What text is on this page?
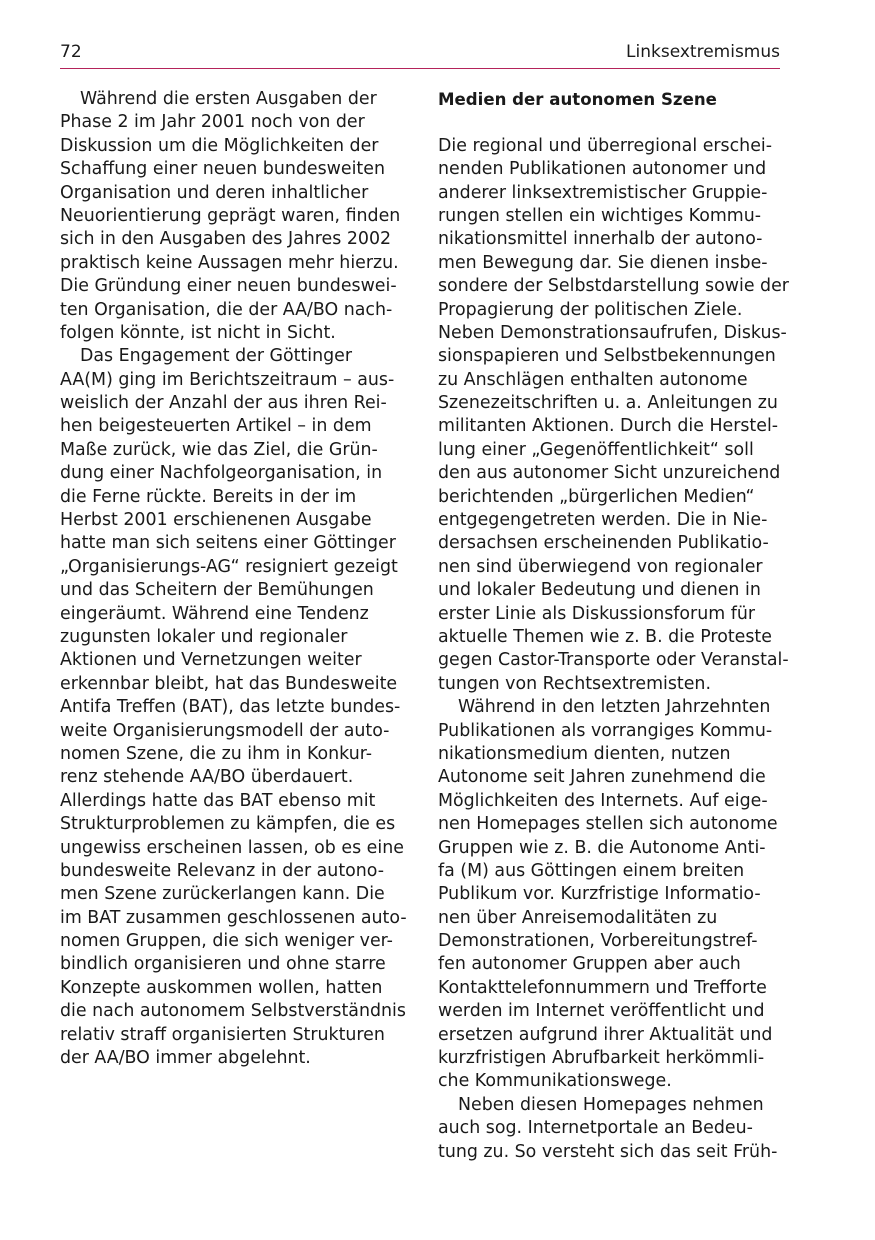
72	Linksextremismus
Während die ersten Ausgaben der
Phase 2 im Jahr 2001 noch von der
Diskussion um die Möglichkeiten der
Schaffung einer neuen bundesweiten
Organisation und deren inhaltlicher
Neuorientierung geprägt waren, finden
sich in den Ausgaben des Jahres 2002
praktisch keine Aussagen mehr hierzu.
Die Gründung einer neuen bundeswei-
ten Organisation, die der AA/BO nach-
folgen könnte, ist nicht in Sicht.
Das Engagement der Göttinger
AA(M) ging im Berichtszeitraum – aus-
weislich der Anzahl der aus ihren Rei-
hen beigesteuerten Artikel – in dem
Maße zurück, wie das Ziel, die Grün-
dung einer Nachfolgeorganisation, in
die Ferne rückte. Bereits in der im
Herbst 2001 erschienenen Ausgabe
hatte man sich seitens einer Göttinger
„Organisierungs-AG“ resigniert gezeigt
und das Scheitern der Bemühungen
eingeräumt. Während eine Tendenz
zugunsten lokaler und regionaler
Aktionen und Vernetzungen weiter
erkennbar bleibt, hat das Bundesweite
Antifa Treffen (BAT), das letzte bundes-
weite Organisierungsmodell der auto-
nomen Szene, die zu ihm in Konkur-
renz stehende AA/BO überdauert.
Allerdings hatte das BAT ebenso mit
Strukturproblemen zu kämpfen, die es
ungewiss erscheinen lassen, ob es eine
bundesweite Relevanz in der autono-
men Szene zurückerlangen kann. Die
im BAT zusammen geschlossenen auto-
nomen Gruppen, die sich weniger ver-
bindlich organisieren und ohne starre
Konzepte auskommen wollen, hatten
die nach autonomem Selbstverständnis
relativ straff organisierten Strukturen
der AA/BO immer abgelehnt.
Medien der autonomen Szene
Die regional und überregional erschei-
nenden Publikationen autonomer und
anderer linksextremistischer Gruppie-
rungen stellen ein wichtiges Kommu-
nikationsmittel innerhalb der autono-
men Bewegung dar. Sie dienen insbe-
sondere der Selbstdarstellung sowie der
Propagierung der politischen Ziele.
Neben Demonstrationsaufrufen, Diskus-
sionspapieren und Selbstbekennungen
zu Anschlägen enthalten autonome
Szenezeitschriften u. a. Anleitungen zu
militanten Aktionen. Durch die Herstel-
lung einer „Gegenöffentlichkeit“ soll
den aus autonomer Sicht unzureichend
berichtenden „bürgerlichen Medien“
entgegengetreten werden. Die in Nie-
dersachsen erscheinenden Publikatio-
nen sind überwiegend von regionaler
und lokaler Bedeutung und dienen in
erster Linie als Diskussionsforum für
aktuelle Themen wie z. B. die Proteste
gegen Castor-Transporte oder Veranstal-
tungen von Rechtsextremisten.
Während in den letzten Jahrzehnten
Publikationen als vorrangiges Kommu-
nikationsmedium dienten, nutzen
Autonome seit Jahren zunehmend die
Möglichkeiten des Internets. Auf eige-
nen Homepages stellen sich autonome
Gruppen wie z. B. die Autonome Anti-
fa (M) aus Göttingen einem breiten
Publikum vor. Kurzfristige Informatio-
nen über Anreisemodalitäten zu
Demonstrationen, Vorbereitungstref-
fen autonomer Gruppen aber auch
Kontakttelefonnummern und Trefforte
werden im Internet veröffentlicht und
ersetzen aufgrund ihrer Aktualität und
kurzfristigen Abrufbarkeit herkömmli-
che Kommunikationswege.
Neben diesen Homepages nehmen
auch sog. Internetportale an Bedeu-
tung zu. So versteht sich das seit Früh-
